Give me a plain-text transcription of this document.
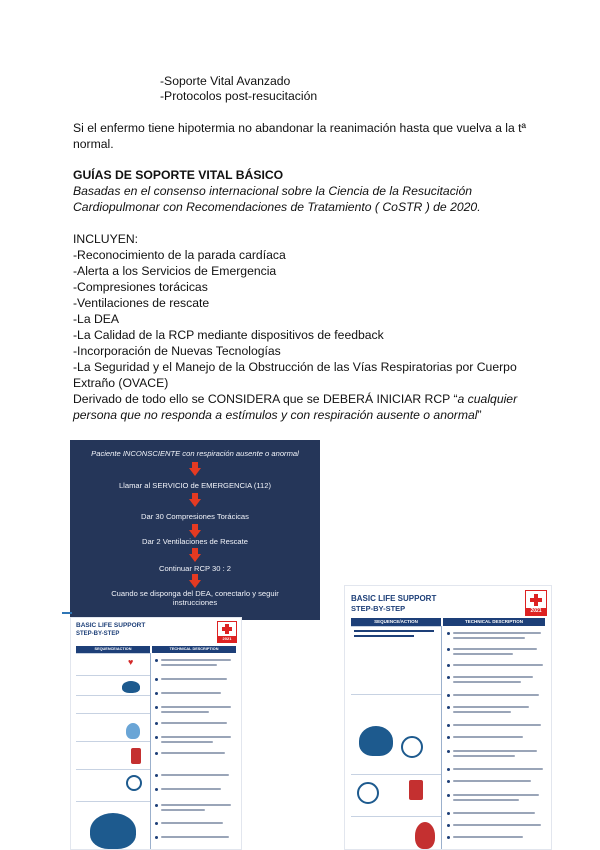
-Soporte Vital Avanzado
-Protocolos post-resucitación
Si el enfermo tiene hipotermia no abandonar la reanimación hasta que vuelva a la tª
normal.
GUÍAS DE SOPORTE VITAL BÁSICO
Basadas en el consenso internacional sobre la Ciencia de la Resucitación
Cardiopulmonar con Recomendaciones de Tratamiento ( CoSTR ) de 2020.
INCLUYEN:
-Reconocimiento de la parada cardíaca
-Alerta a los Servicios de Emergencia
-Compresiones torácicas
-Ventilaciones de rescate
-La DEA
-La Calidad de la RCP mediante dispositivos de feedback
-Incorporación de Nuevas Tecnologías
-La Seguridad y el Manejo de la Obstrucción de las Vías Respiratorias por Cuerpo
Extraño (OVACE)
Derivado de todo ello se CONSIDERA que se DEBERÁ INICIAR RCP “a cualquier
persona que no responda a estímulos y con respiración ausente o anormal”
Paciente INCONSCIENTE con respiración ausente o anormal
Llamar al SERVICIO de EMERGENCIA (112)
Dar 30 Compresiones Torácicas
Dar 2 Ventilaciones de Rescate
Continuar RCP 30 : 2
Cuando se disponga del DEA, conectarlo y seguir
instrucciones
BASIC LIFE SUPPORT
STEP-BY-STEP
2021
SEQUENCE/ACTION	TECHNICAL DESCRIPTION
♥
BASIC LIFE SUPPORT
STEP-BY-STEP	2021
SEQUENCE/ACTION	TECHNICAL DESCRIPTION
